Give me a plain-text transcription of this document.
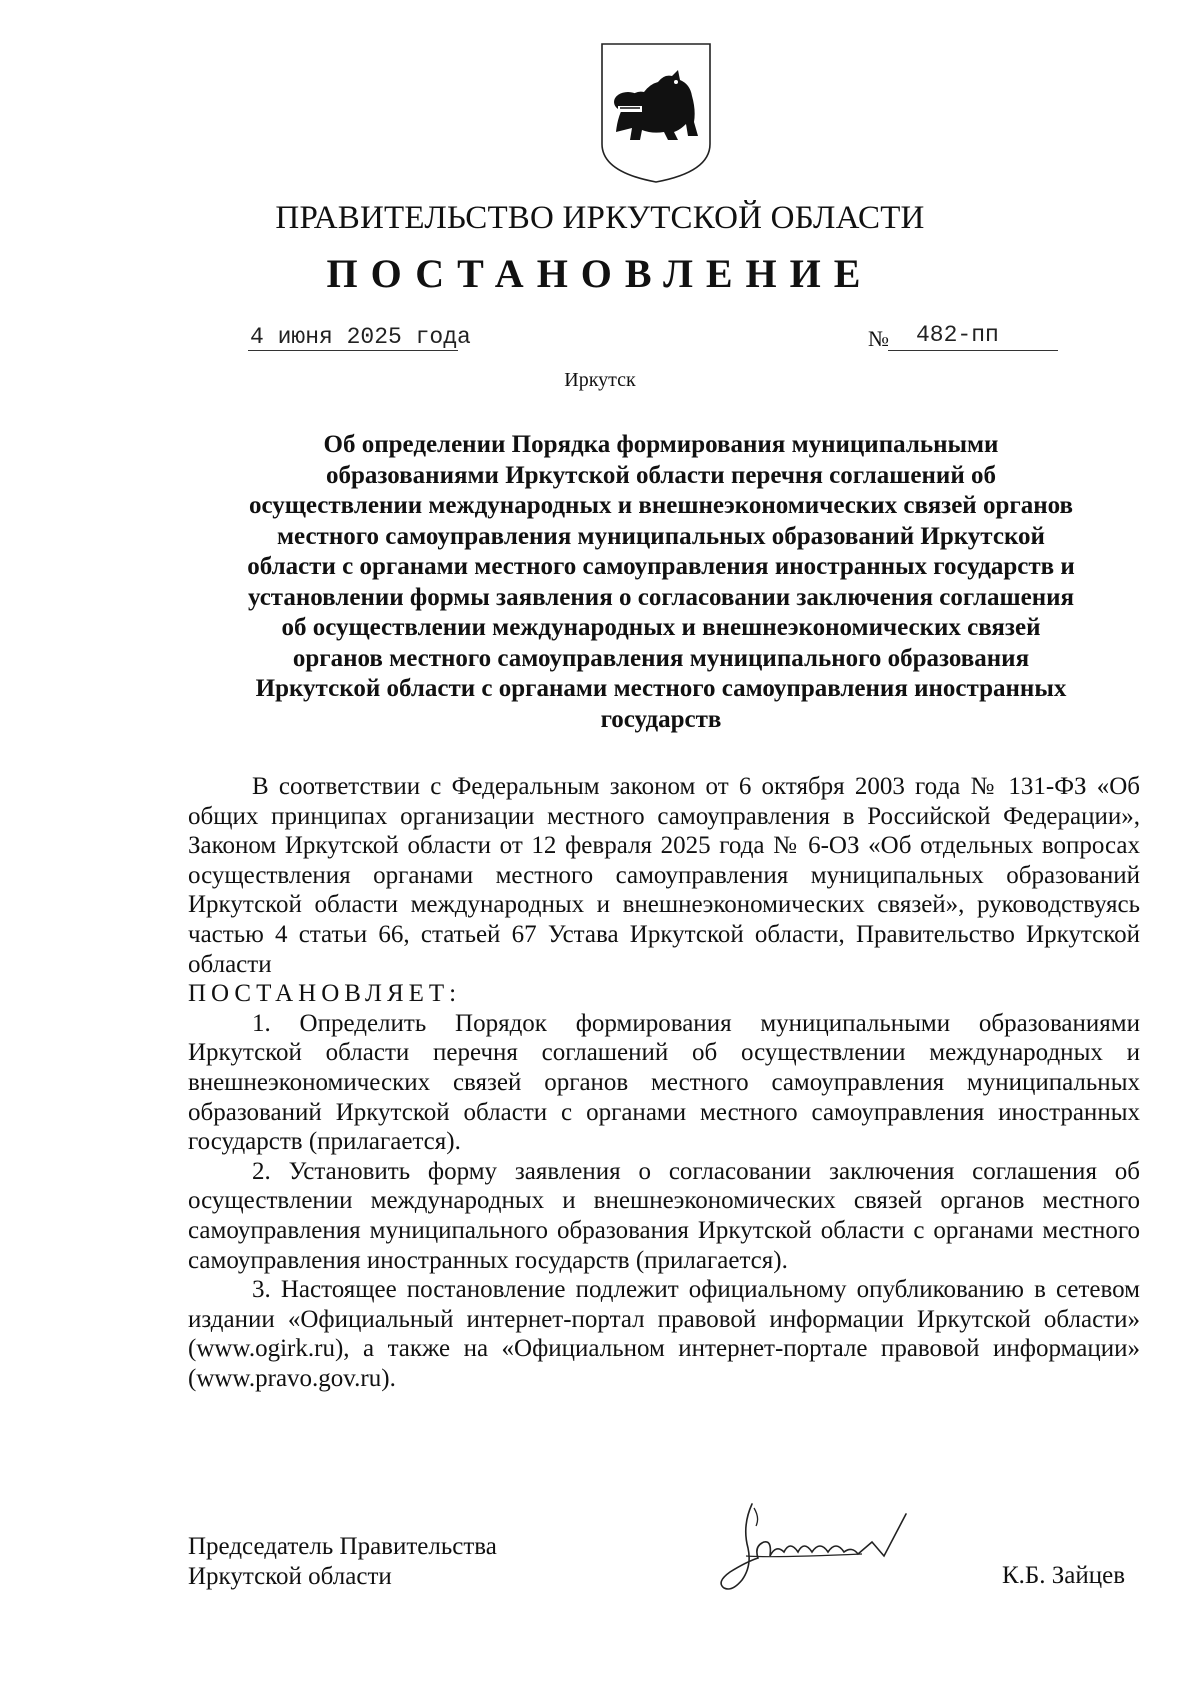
ПРАВИТЕЛЬСТВО ИРКУТСКОЙ ОБЛАСТИ
ПОСТАНОВЛЕНИЕ
4 июня 2025 года	№ 482-пп
Иркутск
Об определении Порядка формирования муниципальными
образованиями Иркутской области перечня соглашений об
осуществлении международных и внешнеэкономических связей органов
местного самоуправления муниципальных образований Иркутской
области с органами местного самоуправления иностранных государств и
установлении формы заявления о согласовании заключения соглашения
об осуществлении международных и внешнеэкономических связей
органов местного самоуправления муниципального образования
Иркутской области с органами местного самоуправления иностранных
государств

В соответствии с Федеральным законом от 6 октября 2003 года № 131-ФЗ «Об общих принципах организации местного самоуправления в Российской Федерации», Законом Иркутской области от 12 февраля 2025 года № 6-ОЗ «Об отдельных вопросах осуществления органами местного самоуправления муниципальных образований Иркутской области международных и внешнеэкономических связей», руководствуясь частью 4 статьи 66, статьей 67 Устава Иркутской области, Правительство Иркутской области

ПОСТАНОВЛЯЕТ:

1. Определить Порядок формирования муниципальными образованиями Иркутской области перечня соглашений об осуществлении международных и внешнеэкономических связей органов местного самоуправления муниципальных образований Иркутской области с органами местного самоуправления иностранных государств (прилагается).

2. Установить форму заявления о согласовании заключения соглашения об осуществлении международных и внешнеэкономических связей органов местного самоуправления муниципального образования Иркутской области с органами местного самоуправления иностранных государств (прилагается).

3. Настоящее постановление подлежит официальному опубликованию в сетевом издании «Официальный интернет-портал правовой информации Иркутской области» (www.ogirk.ru), а также на «Официальном интернет-портале правовой информации» (www.pravo.gov.ru).

Председатель Правительства
Иркутской области	К.Б. Зайцев
